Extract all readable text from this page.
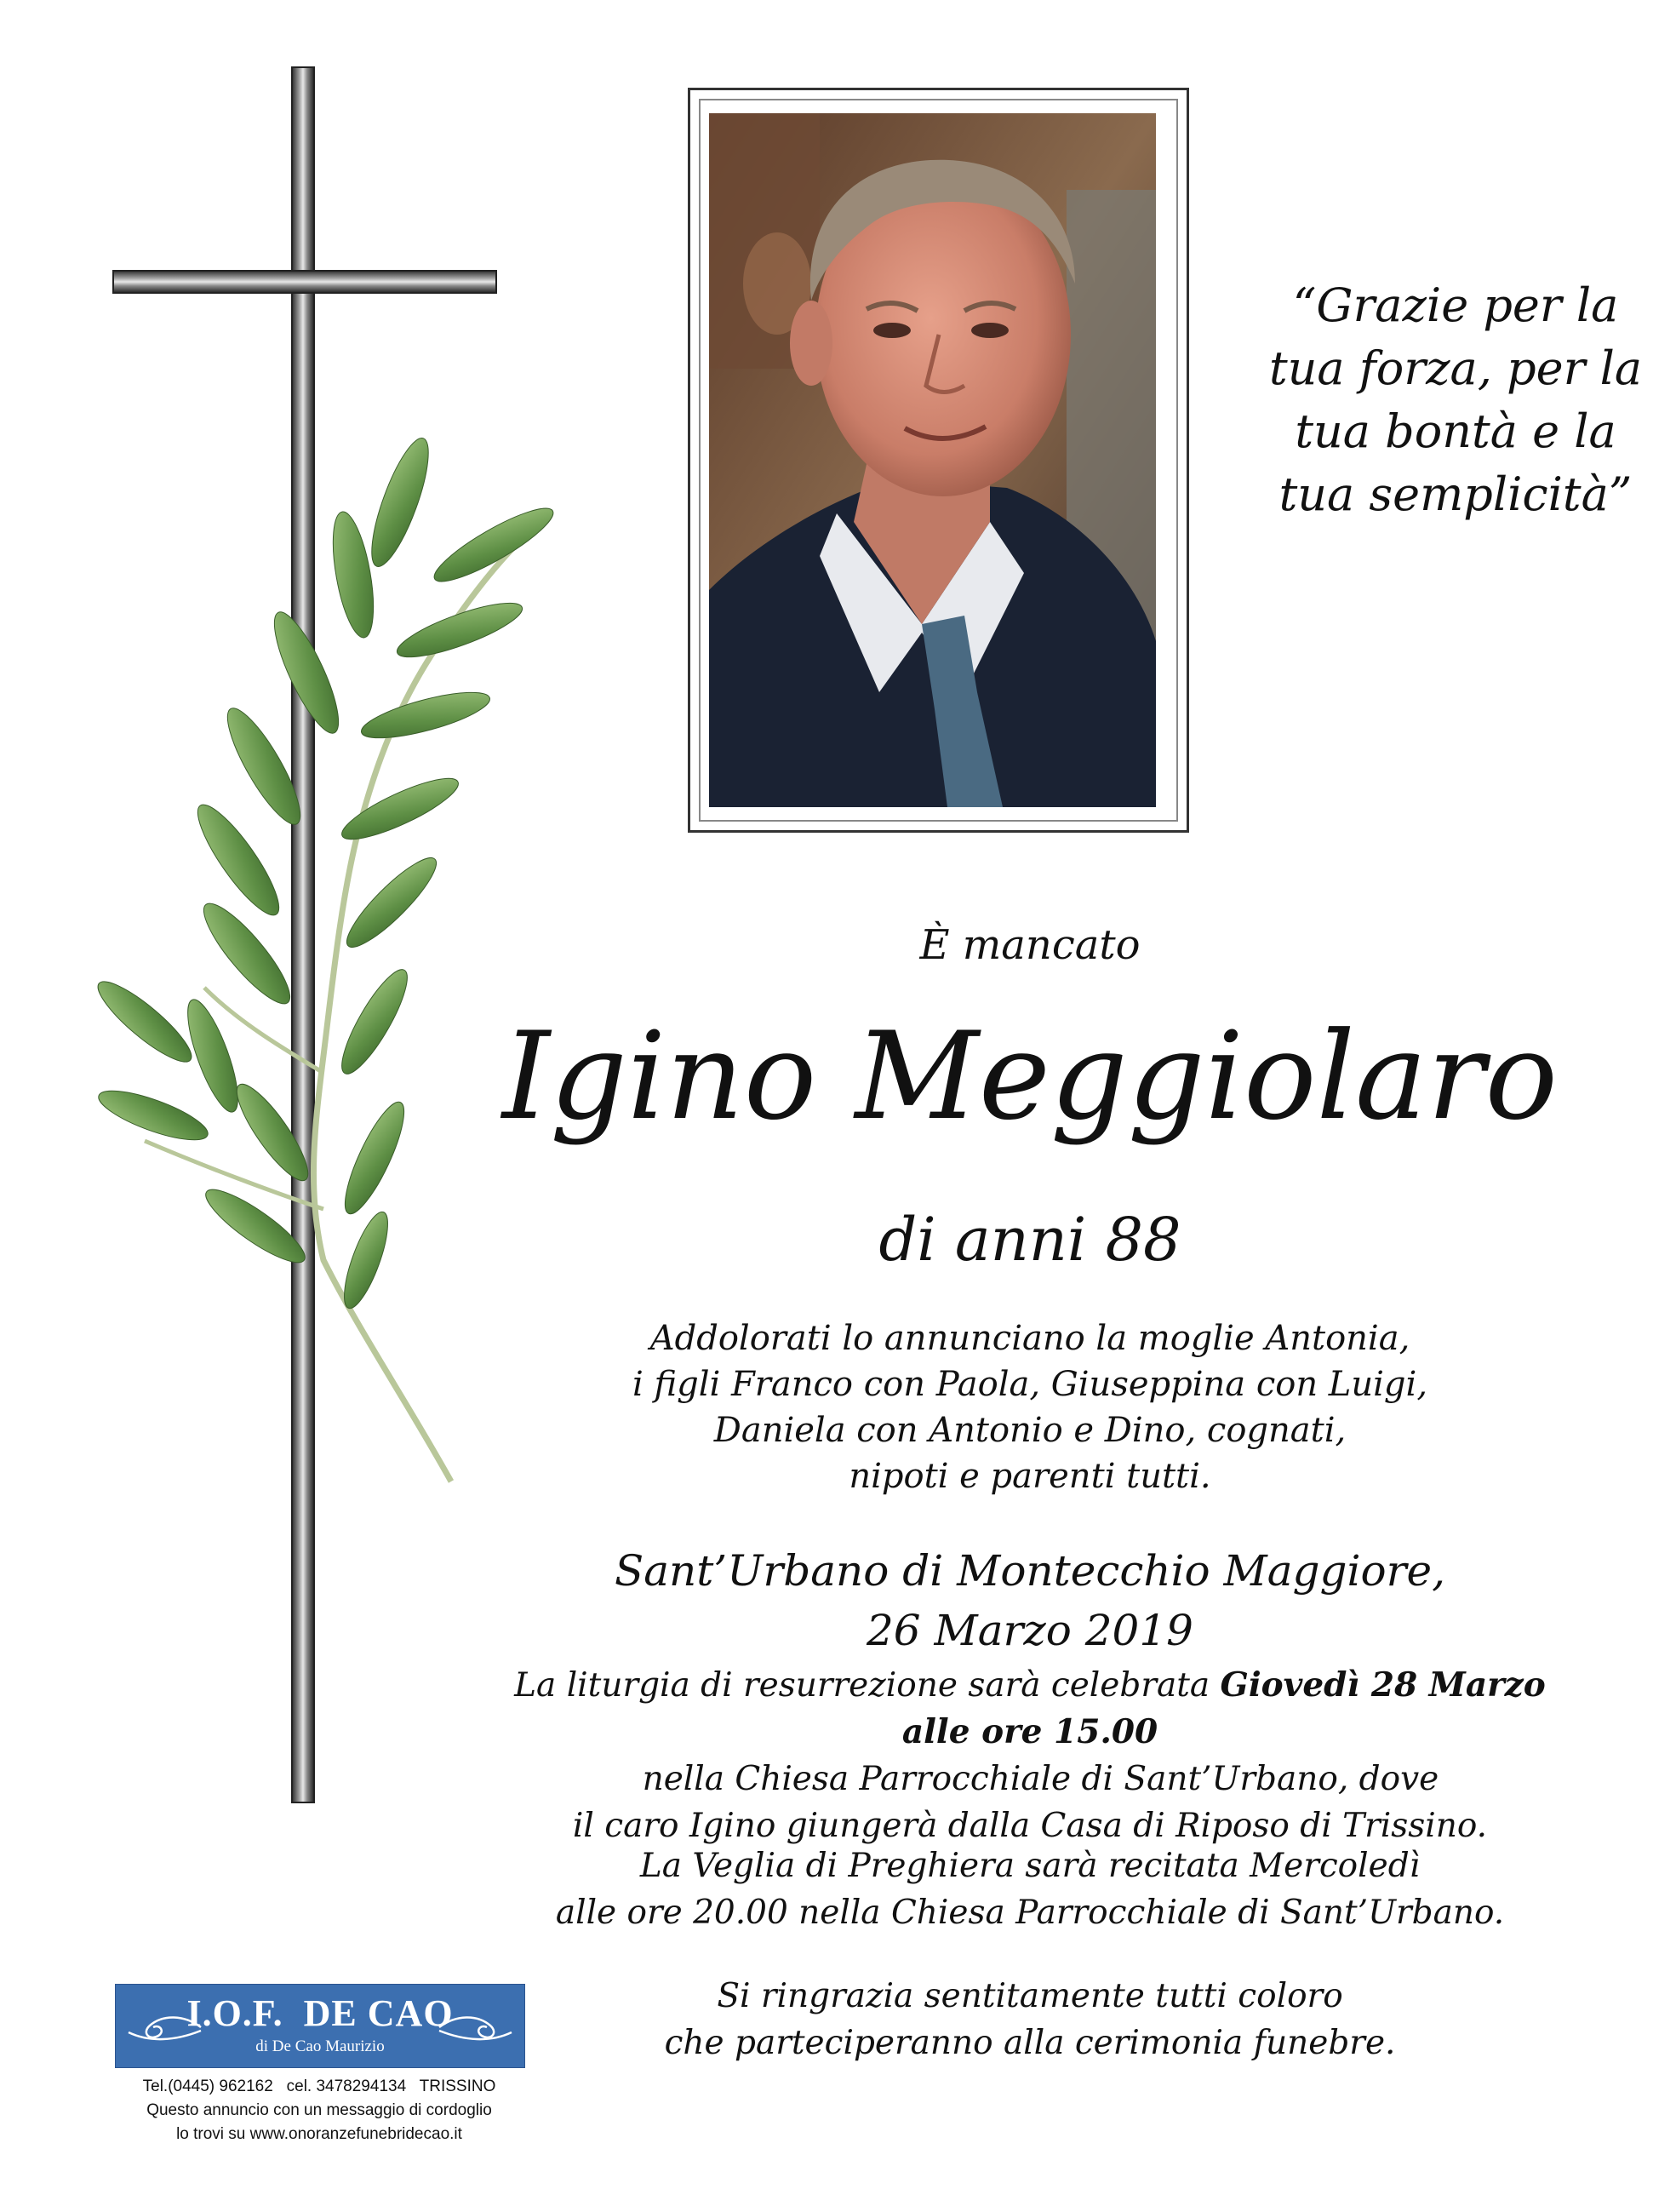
“Grazie per la
tua forza, per la
tua bontà e la
tua semplicità”
È mancato
Igino Meggiolaro
di anni 88
Addolorati lo annunciano la moglie Antonia,
i figli Franco con Paola, Giuseppina con Luigi,
Daniela con Antonio e Dino, cognati,
nipoti e parenti tutti.
Sant’Urbano di Montecchio Maggiore,
26 Marzo 2019
La liturgia di resurrezione sarà celebrata Giovedì 28 Marzo
alle ore 15.00  nella Chiesa Parrocchiale di Sant’Urbano, dove
il caro Igino giungerà dalla Casa di Riposo di Trissino.
La Veglia di Preghiera sarà recitata Mercoledì
alle ore 20.00 nella Chiesa Parrocchiale di Sant’Urbano.
Si ringrazia sentitamente tutti coloro
che parteciperanno alla cerimonia funebre.
I.O.F.  DE CAO
di De Cao Maurizio
Tel.(0445) 962162   cel. 3478294134   TRISSINO
Questo annuncio con un messaggio di cordoglio
lo trovi su www.onoranzefunebridecao.it
